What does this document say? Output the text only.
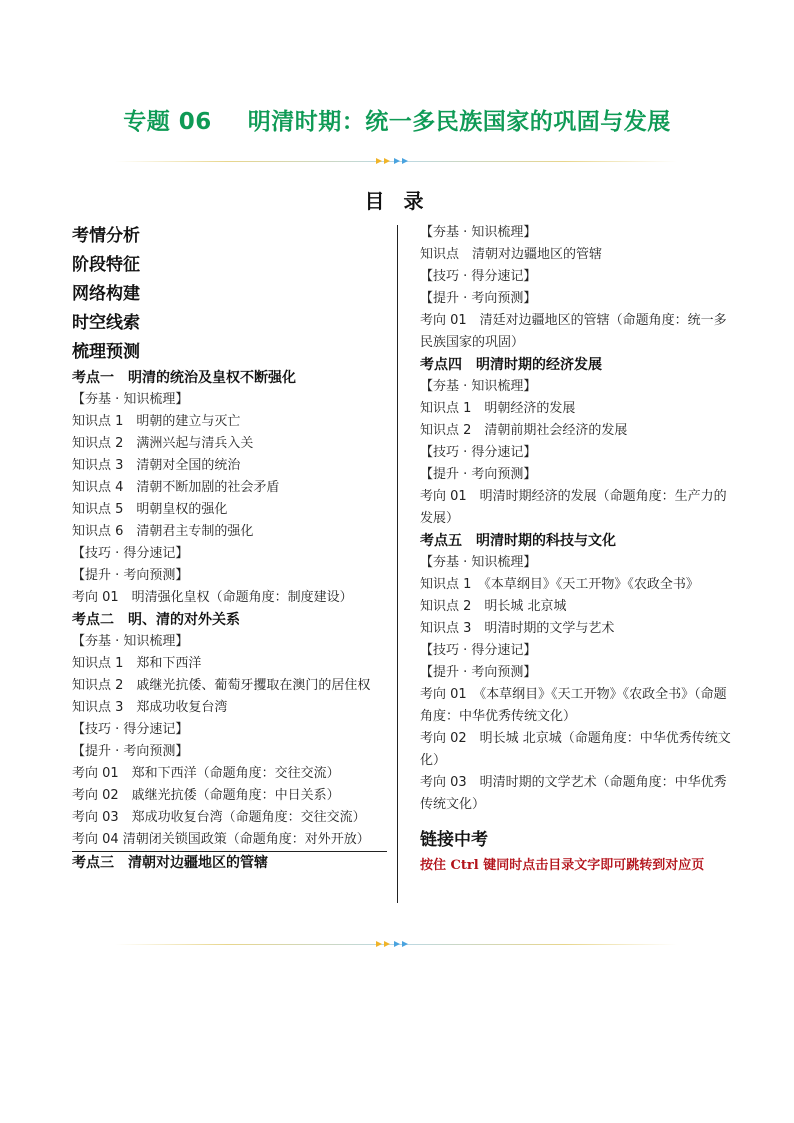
专题 06 明清时期：统一多民族国家的巩固与发展
目 录

考情分析

阶段特征

网络构建

时空线索

梳理预测

考点一　明清的统治及皇权不断强化

【夯基 · 知识梳理】

知识点 1　明朝的建立与灭亡

知识点 2　满洲兴起与清兵入关

知识点 3　清朝对全国的统治

知识点 4　清朝不断加剧的社会矛盾

知识点 5　明朝皇权的强化

知识点 6　清朝君主专制的强化

【技巧 · 得分速记】

【提升 · 考向预测】

考向 01　明清强化皇权（命题角度：制度建设）

考点二　明、清的对外关系

【夯基 · 知识梳理】

知识点 1　郑和下西洋

知识点 2　戚继光抗倭、葡萄牙攫取在澳门的居住权

知识点 3　郑成功收复台湾

【技巧 · 得分速记】

【提升 · 考向预测】

考向 01　郑和下西洋（命题角度：交往交流）

考向 02　戚继光抗倭（命题角度：中日关系）

考向 03　郑成功收复台湾（命题角度：交往交流）

考向 04 清朝闭关锁国政策（命题角度：对外开放）

考点三　清朝对边疆地区的管辖

【夯基 · 知识梳理】

知识点　清朝对边疆地区的管辖

【技巧 · 得分速记】

【提升 · 考向预测】

考向 01　清廷对边疆地区的管辖（命题角度：统一多民族国家的巩固）

考点四　明清时期的经济发展

【夯基 · 知识梳理】

知识点 1　明朝经济的发展

知识点 2　清朝前期社会经济的发展

【技巧 · 得分速记】

【提升 · 考向预测】

考向 01　明清时期经济的发展（命题角度：生产力的发展）

考点五　明清时期的科技与文化

【夯基 · 知识梳理】

知识点 1　《本草纲目》《天工开物》《农政全书》

知识点 2　明长城 北京城

知识点 3　明清时期的文学与艺术

【技巧 · 得分速记】

【提升 · 考向预测】

考向 01　《本草纲目》《天工开物》《农政全书》（命题角度：中华优秀传统文化）

考向 02　明长城 北京城（命题角度：中华优秀传统文化）

考向 03　明清时期的文学艺术（命题角度：中华优秀传统文化）

链接中考

按住 Ctrl 键同时点击目录文字即可跳转到对应页
